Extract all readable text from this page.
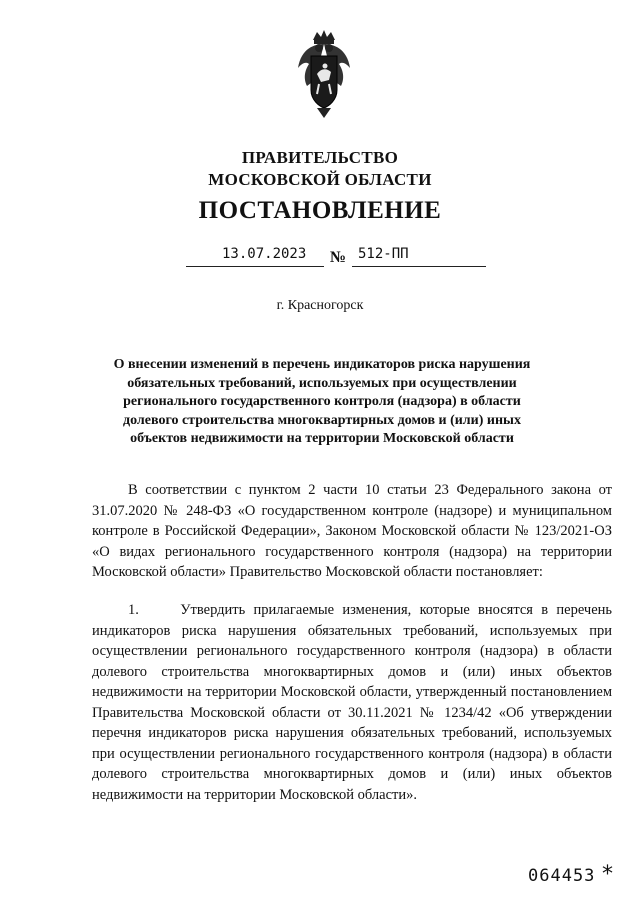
ПРАВИТЕЛЬСТВО
МОСКОВСКОЙ ОБЛАСТИ
ПОСТАНОВЛЕНИЕ
13.07.2023 № 512-ПП
г. Красногорск
О внесении изменений в перечень индикаторов риска нарушения обязательных требований, используемых при осуществлении регионального государственного контроля (надзора) в области долевого строительства многоквартирных домов и (или) иных объектов недвижимости на территории Московской области

В соответствии с пунктом 2 части 10 статьи 23 Федерального закона от 31.07.2020 № 248-ФЗ «О государственном контроле (надзоре) и муниципальном контроле в Российской Федерации», Законом Московской области № 123/2021-ОЗ «О видах регионального государственного контроля (надзора) на территории Московской области» Правительство Московской области постановляет:

1.     Утвердить прилагаемые изменения, которые вносятся в перечень индикаторов риска нарушения обязательных требований, используемых при осуществлении регионального государственного контроля (надзора) в области долевого строительства многоквартирных домов и (или) иных объектов недвижимости на территории Московской области, утвержденный постановлением Правительства Московской области от 30.11.2021 № 1234/42 «Об утверждении перечня индикаторов риска нарушения обязательных требований, используемых при осуществлении регионального государственного контроля (надзора) в области долевого строительства многоквартирных домов и (или) иных объектов недвижимости на территории Московской области».

064453 *
